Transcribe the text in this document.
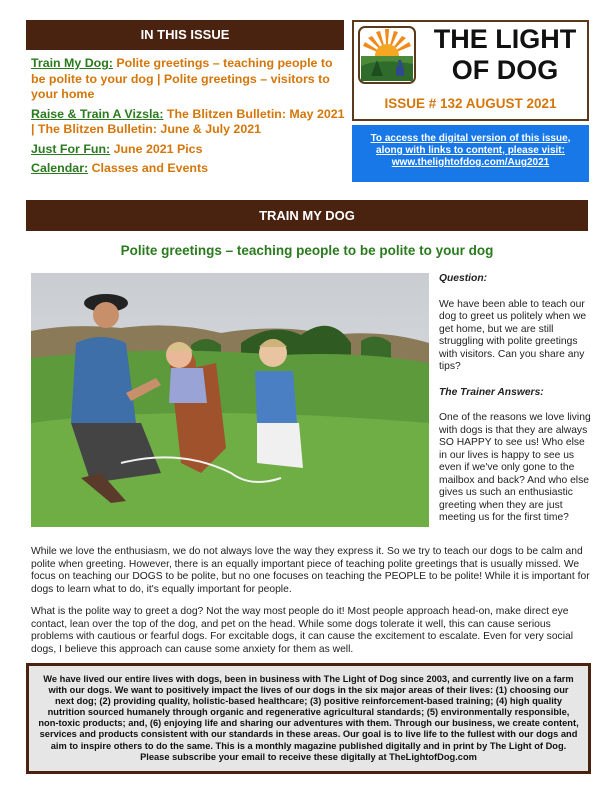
IN THIS ISSUE
Train My Dog: Polite greetings – teaching people to be polite to your dog | Polite greetings – visitors to your home
Raise & Train A Vizsla: The Blitzen Bulletin: May 2021 | The Blitzen Bulletin: June & July 2021
Just For Fun: June 2021 Pics
Calendar: Classes and Events
THE LIGHT
OF DOG
ISSUE # 132 AUGUST 2021
To access the digital version of this issue, along with links to content, please visit:
www.thelightofdog.com/Aug2021
TRAIN MY DOG
Polite greetings – teaching people to be polite to your dog

Question:

We have been able to teach our dog to greet us politely when we get home, but we are still struggling with polite greetings with visitors. Can you share any tips?

The Trainer Answers:

One of the reasons we love living with dogs is that they are always SO HAPPY to see us! Who else in our lives is happy to see us even if we've only gone to the mailbox and back? And who else gives us such an enthusiastic greeting when they are just meeting us for the first time?

While we love the enthusiasm, we do not always love the way they express it. So we try to teach our dogs to be calm and polite when greeting. However, there is an equally important piece of teaching polite greetings that is usually missed. We focus on teaching our DOGS to be polite, but no one focuses on teaching the PEOPLE to be polite! While it is important for dogs to learn what to do, it's equally important for people.

What is the polite way to greet a dog? Not the way most people do it! Most people approach head-on, make direct eye contact, lean over the top of the dog, and pet on the head. While some dogs tolerate it well, this can cause serious problems with cautious or fearful dogs. For excitable dogs, it can cause the excitement to escalate. Even for very social dogs, I believe this approach can cause some anxiety for them as well.

We have lived our entire lives with dogs, been in business with The Light of Dog since 2003, and currently live on a farm with our dogs. We want to positively impact the lives of our dogs in the six major areas of their lives: (1) choosing our next dog; (2) providing quality, holistic-based healthcare; (3) positive reinforcement-based training; (4) high quality nutrition sourced humanely through organic and regenerative agricultural standards; (5) environmentally responsible, non-toxic products; and, (6) enjoying life and sharing our adventures with them. Through our business, we create content, services and products consistent with our standards in these areas. Our goal is to live life to the fullest with our dogs and aim to inspire others to do the same. This is a monthly magazine published digitally and in print by The Light of Dog. Please subscribe your email to receive these digitally at TheLightofDog.com
